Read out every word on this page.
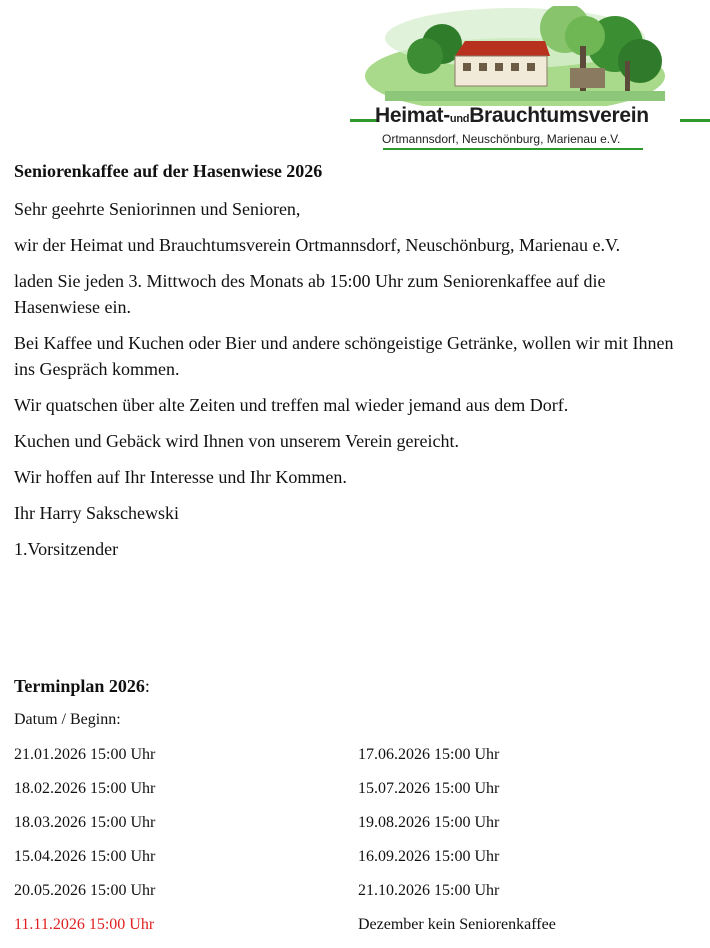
Heimat-undBrauchtumsverein
Ortmannsdorf, Neuschönburg, Marienau e.V.
Seniorenkaffee auf der Hasenwiese 2026
Sehr geehrte Seniorinnen und Senioren,
wir der Heimat und Brauchtumsverein Ortmannsdorf, Neuschönburg, Marienau e.V.
laden Sie jeden 3. Mittwoch des Monats ab 15:00 Uhr zum Seniorenkaffee auf die Hasenwiese ein.
Bei Kaffee und Kuchen oder Bier und andere schöngeistige Getränke, wollen wir mit Ihnen ins Gespräch kommen.
Wir quatschen über alte Zeiten und treffen mal wieder jemand aus dem Dorf.
Kuchen und Gebäck wird Ihnen von unserem Verein gereicht.
Wir hoffen auf Ihr Interesse und Ihr Kommen.
Ihr Harry Sakschewski
1.Vorsitzender
Terminplan 2026:
Datum / Beginn:
21.01.2026 15:00 Uhr
18.02.2026 15:00 Uhr
18.03.2026 15:00 Uhr
15.04.2026 15:00 Uhr
20.05.2026 15:00 Uhr
11.11.2026 15:00 Uhr
17.06.2026 15:00 Uhr
15.07.2026 15:00 Uhr
19.08.2026 15:00 Uhr
16.09.2026 15:00 Uhr
21.10.2026 15:00 Uhr
Dezember kein Seniorenkaffee
